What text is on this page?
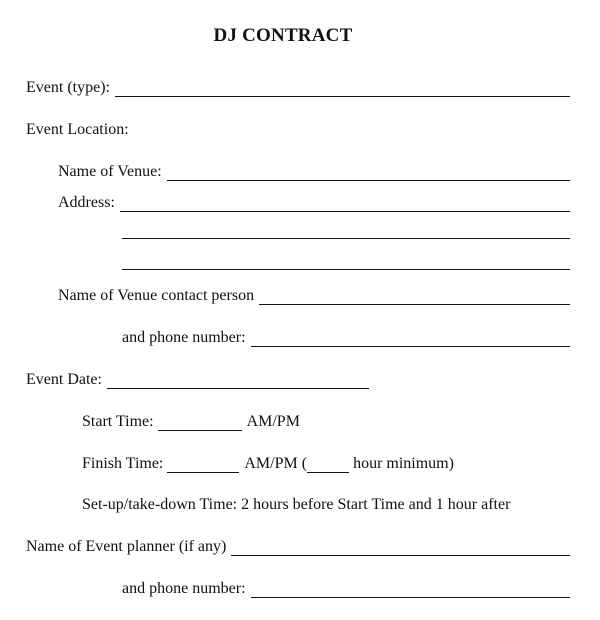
DJ CONTRACT
Event (type):
Event Location:
Name of Venue:
Address:
Name of Venue contact person
and phone number:
Event Date:
Start Time:	AM/PM
Finish Time:	AM/PM (	hour minimum)
Set-up/take-down Time: 2 hours before Start Time and 1 hour after
Name of Event planner (if any)
and phone number:
